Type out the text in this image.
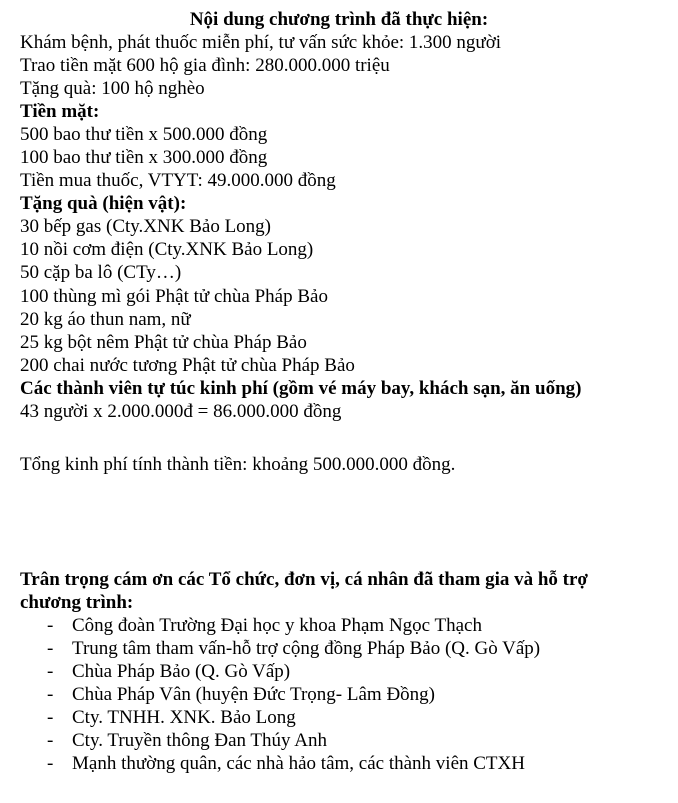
Nội dung chương trình đã thực hiện:
Khám bệnh, phát thuốc miễn phí, tư vấn sức khỏe: 1.300 người
Trao tiền mặt 600 hộ gia đình: 280.000.000 triệu
Tặng quà: 100 hộ nghèo
Tiền mặt:
500 bao thư tiền x 500.000 đồng
100 bao thư tiền x 300.000 đồng
Tiền mua thuốc, VTYT: 49.000.000 đồng
Tặng quà (hiện vật):
30 bếp gas (Cty.XNK Bảo Long)
10 nồi cơm điện (Cty.XNK Bảo Long)
50 cặp ba lô (CTy…)
100 thùng mì gói Phật tử chùa Pháp Bảo
20 kg áo thun nam, nữ
25 kg bột nêm Phật tử chùa Pháp Bảo
200 chai nước tương Phật tử chùa Pháp Bảo
Các thành viên tự túc kinh phí (gồm vé máy bay, khách sạn, ăn uống)
43 người x 2.000.000đ = 86.000.000 đồng
Tổng kinh phí tính thành tiền: khoảng 500.000.000 đồng.
Trân trọng cám ơn các Tổ chức, đơn vị, cá nhân đã tham gia và hỗ trợ
chương trình:
- Công đoàn Trường Đại học y khoa Phạm Ngọc Thạch
- Trung tâm tham vấn-hỗ trợ cộng đồng Pháp Bảo (Q. Gò Vấp)
- Chùa Pháp Bảo (Q. Gò Vấp)
- Chùa Pháp Vân (huyện Đức Trọng- Lâm Đồng)
- Cty. TNHH. XNK. Bảo Long
- Cty. Truyền thông Đan Thúy Anh
- Mạnh thường quân, các nhà hảo tâm, các thành viên CTXH
